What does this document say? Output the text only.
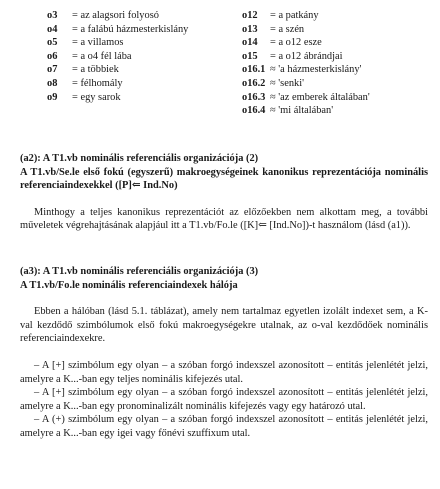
o3	= az alagsori folyosó
o4	= a falábú házmesterkislány
o5	= a villamos
o6	= a o4 fél lába
o7	= a többiek
o8	= félhomály
o9	= egy sarok
o12	= a patkány
o13	= a szén
o14	= a o12 esze
o15	= a o12 ábrándjai
o16.1 ≈ 'a házmesterkislány'
o16.2 ≈ 'senki'
o16.3 ≈ 'az emberek általában'
o16.4 ≈ 'mi általában'
(a2): A T1.vb nominális referenciális organizációja (2)
A T1.vb/Se.le első fokú (egyszerű) makroegységeinek kanonikus reprezentációja nominális referenciaindexekkel ([P]⇐ Ind.No)

Minthogy a teljes kanonikus reprezentációt az előzőekben nem alkottam meg, a további műveletek végrehajtásának alapjául itt a T1.vb/Fo.le ([K]⇐ [Ind.No])-t használom (lásd (a1)).

(a3): A T1.vb nominális referenciális organizációja (3)
A T1.vb/Fo.le nominális referenciaindexek hálója

Ebben a hálóban (lásd 5.1. táblázat), amely nem tartalmaz egyetlen izolált indexet sem, a K-val kezdődő szimbólumok első fokú makroegységekre utalnak, az o-val kezdődőek nominális referenciaindexekre.

– A [+] szimbólum egy olyan – a szóban forgó indexszel azonosított – entitás jelenlétét jelzi, amelyre a K...-ban egy teljes nominális kifejezés utal.

– A [+] szimbólum egy olyan – a szóban forgó indexszel azonosított – entitás jelenlétét jelzi, amelyre a K...-ban egy pronominalizált nominális kifejezés vagy egy határozó utal.

– A (+) szimbólum egy olyan – a szóban forgó indexszel azonosított – entitás jelenlétét jelzi, amelyre a K...-ban egy igei vagy főnévi szuffixum utal.
